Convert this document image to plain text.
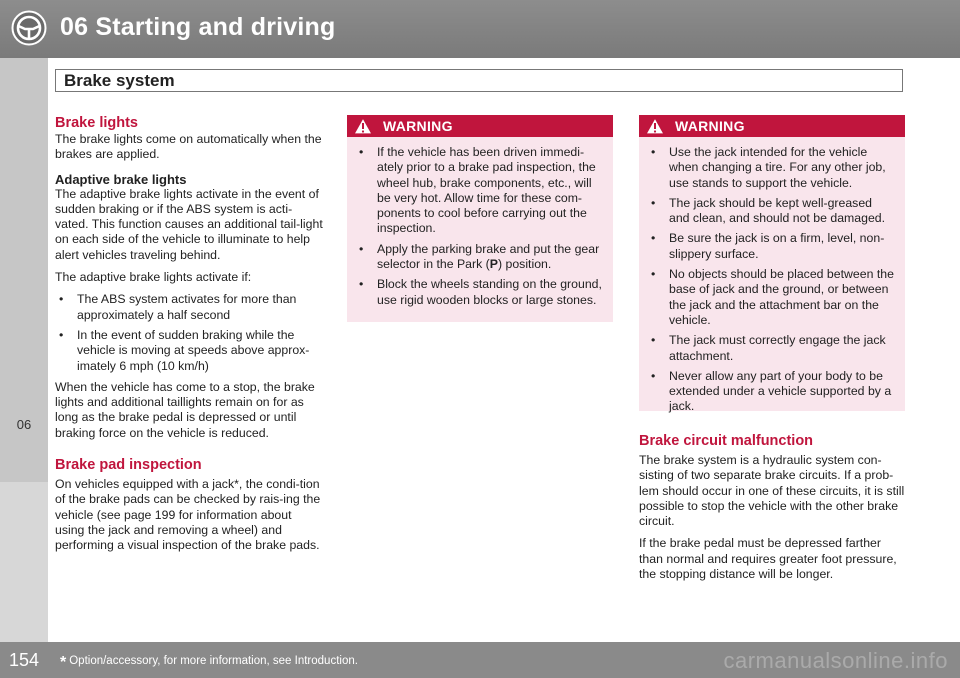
06 Starting and driving
Brake system
06
Brake lights

The brake lights come on automatically when the brakes are applied.

Adaptive brake lights

The adaptive brake lights activate in the event of sudden braking or if the ABS system is acti-vated. This function causes an additional tail-light on each side of the vehicle to illuminate to help alert vehicles traveling behind.

The adaptive brake lights activate if:

• The ABS system activates for more than approximately a half second
• In the event of sudden braking while the vehicle is moving at speeds above approx-imately 6 mph (10 km/h)

When the vehicle has come to a stop, the brake lights and additional taillights remain on for as long as the brake pedal is depressed or until braking force on the vehicle is reduced.

Brake pad inspection

On vehicles equipped with a jack*, the condi-tion of the brake pads can be checked by rais-ing the vehicle (see page 199 for information about using the jack and removing a wheel) and performing a visual inspection of the brake pads.

WARNING
• If the vehicle has been driven immedi-ately prior to a brake pad inspection, the wheel hub, brake components, etc., will be very hot. Allow time for these com-ponents to cool before carrying out the inspection.
• Apply the parking brake and put the gear selector in the Park (P) position.
• Block the wheels standing on the ground, use rigid wooden blocks or large stones.
WARNING
• Use the jack intended for the vehicle when changing a tire. For any other job, use stands to support the vehicle.
• The jack should be kept well-greased and clean, and should not be damaged.
• Be sure the jack is on a firm, level, non-slippery surface.
• No objects should be placed between the base of jack and the ground, or between the jack and the attachment bar on the vehicle.
• The jack must correctly engage the jack attachment.
• Never allow any part of your body to be extended under a vehicle supported by a jack.
Brake circuit malfunction

The brake system is a hydraulic system con-sisting of two separate brake circuits. If a prob-lem should occur in one of these circuits, it is still possible to stop the vehicle with the other brake circuit.

If the brake pedal must be depressed farther than normal and requires greater foot pressure, the stopping distance will be longer.

154 * Option/accessory, for more information, see Introduction.	carmanualsonline.info
